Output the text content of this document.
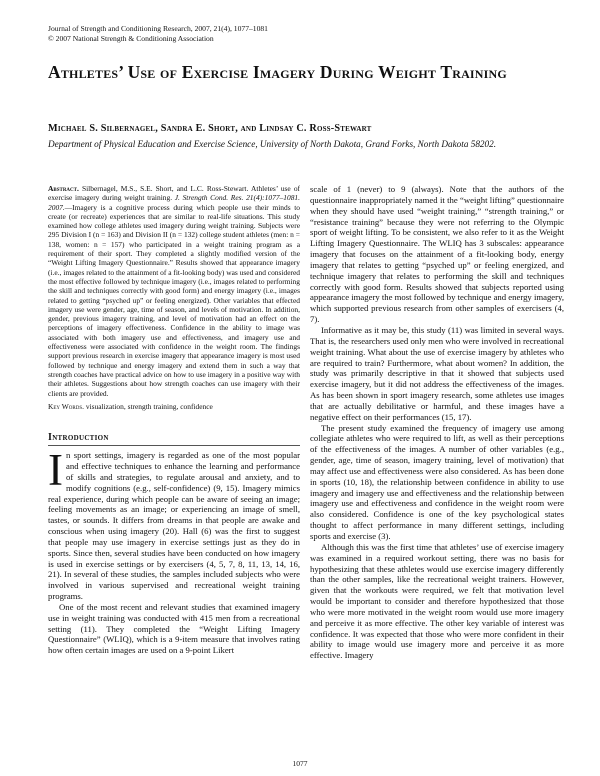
Journal of Strength and Conditioning Research, 2007, 21(4), 1077–1081
© 2007 National Strength & Conditioning Association
Athletes’ Use of Exercise Imagery During Weight Training
Michael S. Silbernagel, Sandra E. Short, and Lindsay C. Ross-Stewart
Department of Physical Education and Exercise Science, University of North Dakota, Grand Forks, North Dakota 58202.
Abstract. Silbernagel, M.S., S.E. Short, and L.C. Ross-Stewart. Athletes’ use of exercise imagery during weight training. J. Strength Cond. Res. 21(4):1077–1081. 2007.—Imagery is a cognitive process during which people use their minds to create (or recreate) experiences that are similar to real-life situations. This study examined how college athletes used imagery during weight training. Subjects were 295 Division I (n = 163) and Division II (n = 132) college student athletes (men: n = 138, women: n = 157) who participated in a weight training program as a requirement of their sport. They completed a slightly modified version of the “Weight Lifting Imagery Questionnaire.” Results showed that appearance imagery (i.e., images related to the attainment of a fit-looking body) was used and considered the most effective followed by technique imagery (i.e., images related to performing the skill and techniques correctly with good form) and energy imagery (i.e., images related to getting “psyched up” or feeling energized). Other variables that effected imagery use were gender, age, time of season, and levels of motivation. In addition, gender, previous imagery training, and level of motivation had an effect on the perceptions of imagery effectiveness. Confidence in the ability to image was associated with both imagery use and effectiveness, and imagery use and effectiveness were associated with confidence in the weight room. The findings support previous research in exercise imagery that appearance imagery is most used followed by technique and energy imagery and extend them in such a way that strength coaches have practical advice on how to use imagery in a positive way with their athletes. Suggestions about how strength coaches can use imagery with their clients are provided.
Key Words. visualization, strength training, confidence
Introduction

In sport settings, imagery is regarded as one of the most popular and effective techniques to enhance the learning and performance of skills and strategies, to regulate arousal and anxiety, and to modify cognitions (e.g., self-confidence) (9, 15). Imagery mimics real experience, during which people can be aware of seeing an image; feeling movements as an image; or experiencing an image of smell, tastes, or sounds. It differs from dreams in that people are awake and conscious when using imagery (20). Hall (6) was the first to suggest that people may use imagery in exercise settings just as they do in sports. Since then, several studies have been conducted on how imagery is used in exercise settings or by exercisers (4, 5, 7, 8, 11, 13, 14, 16, 21). In several of these studies, the samples included subjects who were involved in various supervised and recreational weight training programs.

One of the most recent and relevant studies that examined imagery use in weight training was conducted with 415 men from a recreational setting (11). They completed the “Weight Lifting Imagery Questionnaire” (WLIQ), which is a 9-item measure that involves rating how often certain images are used on a 9-point Likert

scale of 1 (never) to 9 (always). Note that the authors of the questionnaire inappropriately named it the “weight lifting” questionnaire when they should have used “weight training,” “strength training,” or “resistance training” because they were not referring to the Olympic sport of weight lifting. To be consistent, we also refer to it as the Weight Lifting Imagery Questionnaire. The WLIQ has 3 subscales: appearance imagery that focuses on the attainment of a fit-looking body, energy imagery that relates to getting “psyched up” or feeling energized, and technique imagery that relates to performing the skill and techniques correctly with good form. Results showed that subjects reported using appearance imagery the most followed by technique and energy imagery, which supported previous research from other samples of exercisers (4, 7).

Informative as it may be, this study (11) was limited in several ways. That is, the researchers used only men who were involved in recreational weight training. What about the use of exercise imagery by athletes who are required to train? Furthermore, what about women? In addition, the study was primarily descriptive in that it showed that subjects used exercise imagery, but it did not address the effectiveness of the images. As has been shown in sport imagery research, some athletes use images that are actually debilitative or harmful, and these images have a negative effect on their performances (15, 17).

The present study examined the frequency of imagery use among collegiate athletes who were required to lift, as well as their perceptions of the effectiveness of the images. A number of other variables (e.g., gender, age, time of season, imagery training, level of motivation) that may affect use and effectiveness were also considered. As has been done in sports (10, 18), the relationship between confidence in ability to use imagery and imagery use and effectiveness and the relationship between imagery use and effectiveness and confidence in the weight room were also considered. Confidence is one of the key psychological states thought to affect performance in many different settings, including sports and exercise (3).

Although this was the first time that athletes’ use of exercise imagery was examined in a required workout setting, there was no basis for hypothesizing that these athletes would use exercise imagery differently than the other samples, like the recreational weight trainers. However, given that the workouts were required, we felt that motivation level would be important to consider and therefore hypothesized that those who were more motivated in the weight room would use more imagery and perceive it as more effective. The other key variable of interest was confidence. It was expected that those who were more confident in their ability to image would use imagery more and perceive it as more effective. Imagery

1077
